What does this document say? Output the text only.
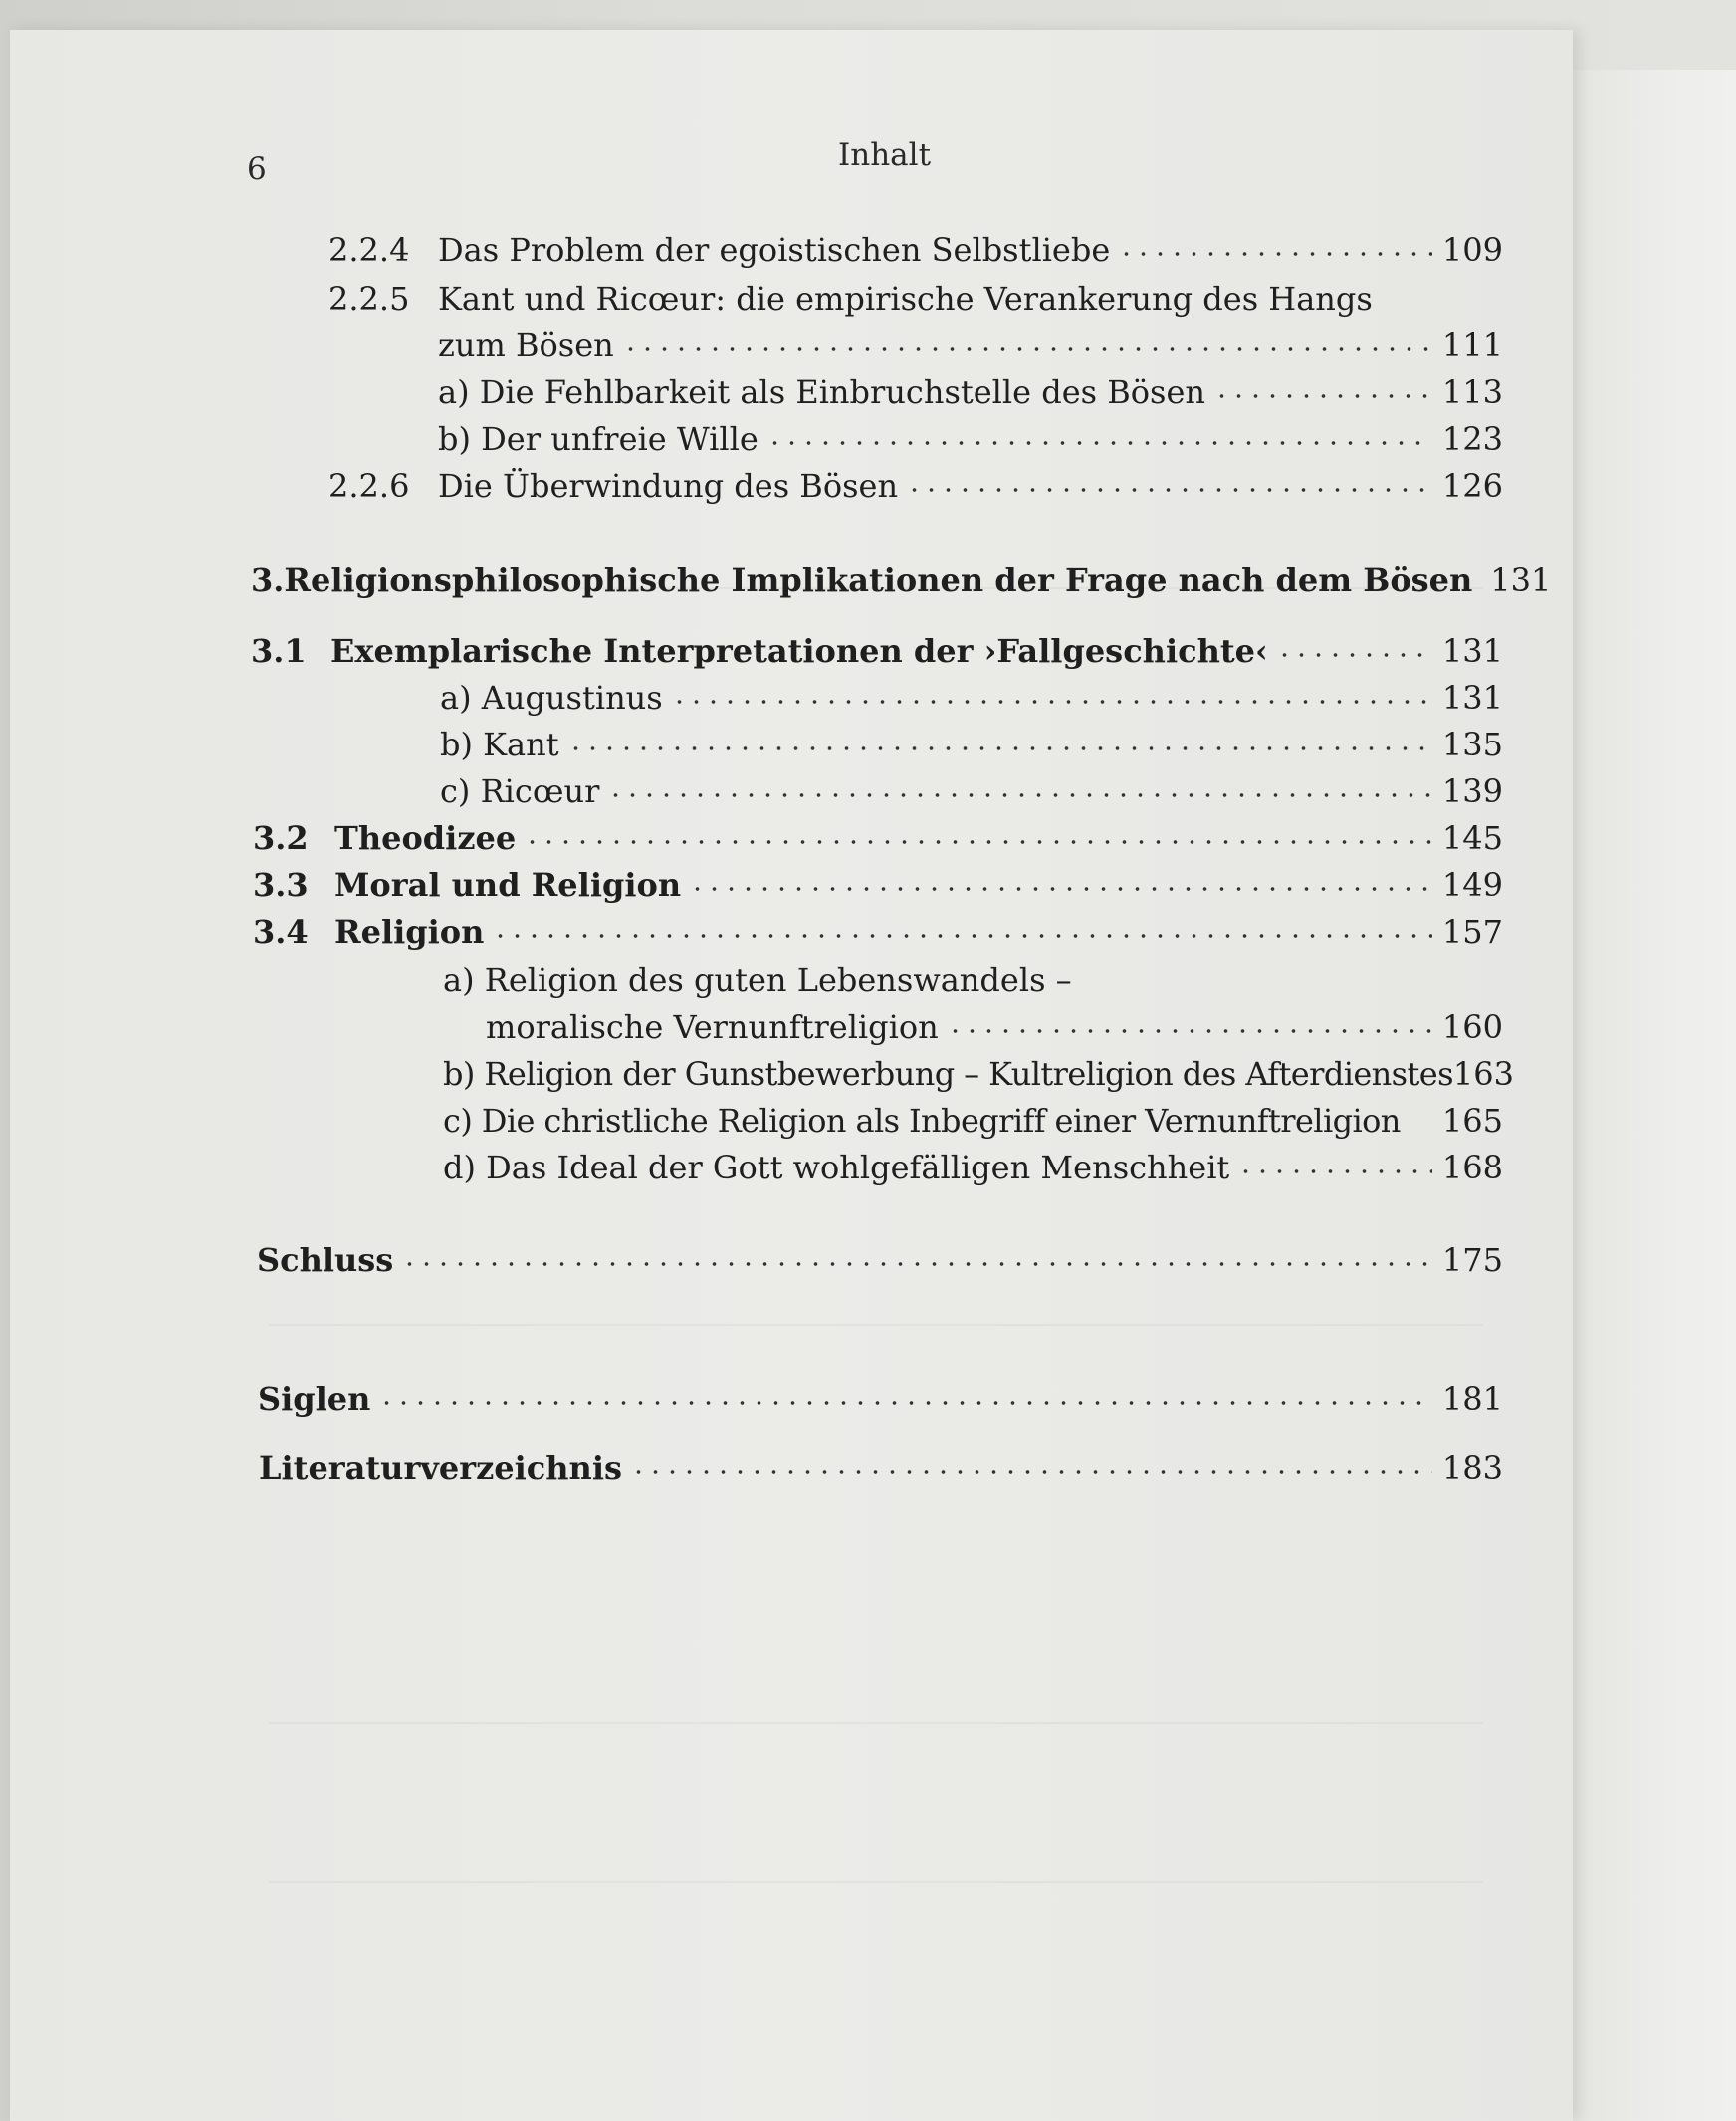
6	Inhalt
2.2.4 Das Problem der egoistischen Selbstliebe	109
2.2.5 Kant und Ricœur: die empirische Verankerung des Hangs
zum Bösen	111
a) Die Fehlbarkeit als Einbruchstelle des Bösen	113
b) Der unfreie Wille	123
2.2.6 Die Überwindung des Bösen	126
3. Religionsphilosophische Implikationen der Frage nach dem Bösen 131
3.1 Exemplarische Interpretationen der ›Fallgeschichte‹	131
a) Augustinus	131
b) Kant	135
c) Ricœur	139
3.2 Theodizee	145
3.3 Moral und Religion	149
3.4 Religion	157
a) Religion des guten Lebenswandels –
moralische Vernunftreligion	160
b) Religion der Gunstbewerbung – Kultreligion des Afterdienstes 163
c) Die christliche Religion als Inbegriff einer Vernunftreligion 165
d) Das Ideal der Gott wohlgefälligen Menschheit	168
Schluss	175
Siglen	181
Literaturverzeichnis	183
